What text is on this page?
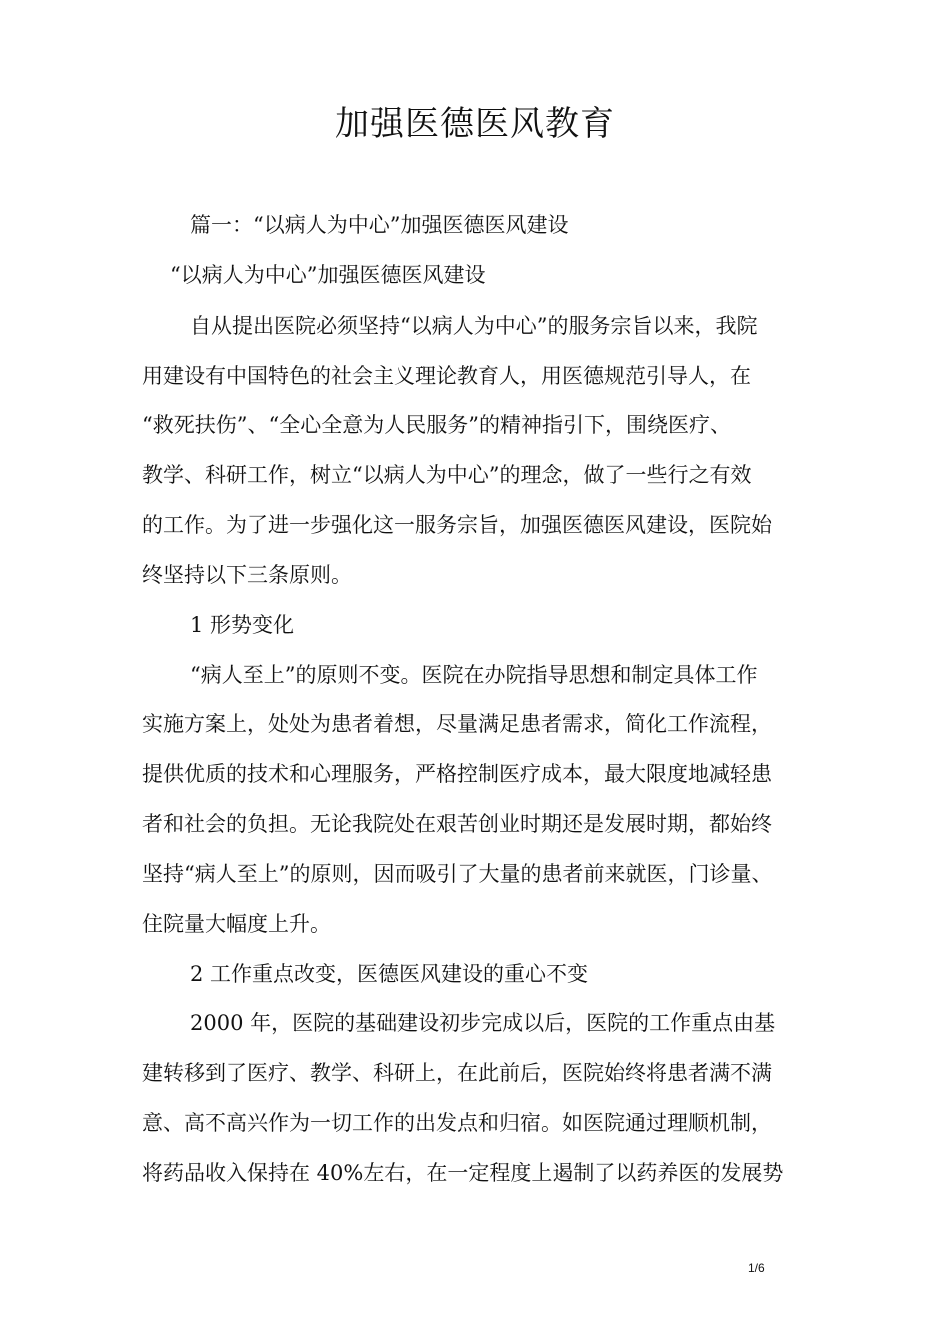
加强医德医风教育
篇一：“以病人为中心”加强医德医风建设
“以病人为中心”加强医德医风建设
自从提出医院必须坚持“以病人为中心”的服务宗旨以来，我院
用建设有中国特色的社会主义理论教育人，用医德规范引导人，在
“救死扶伤”、“全心全意为人民服务”的精神指引下，围绕医疗、
教学、科研工作，树立“以病人为中心”的理念，做了一些行之有效
的工作。为了进一步强化这一服务宗旨，加强医德医风建设，医院始
终坚持以下三条原则。
1 形势变化
“病人至上”的原则不变。医院在办院指导思想和制定具体工作
实施方案上，处处为患者着想，尽量满足患者需求，简化工作流程，
提供优质的技术和心理服务，严格控制医疗成本，最大限度地减轻患
者和社会的负担。无论我院处在艰苦创业时期还是发展时期，都始终
坚持“病人至上”的原则，因而吸引了大量的患者前来就医，门诊量、
住院量大幅度上升。
2 工作重点改变，医德医风建设的重心不变
2000 年，医院的基础建设初步完成以后，医院的工作重点由基
建转移到了医疗、教学、科研上，在此前后，医院始终将患者满不满
意、高不高兴作为一切工作的出发点和归宿。如医院通过理顺机制，
将药品收入保持在 40%左右，在一定程度上遏制了以药养医的发展势
1/6
